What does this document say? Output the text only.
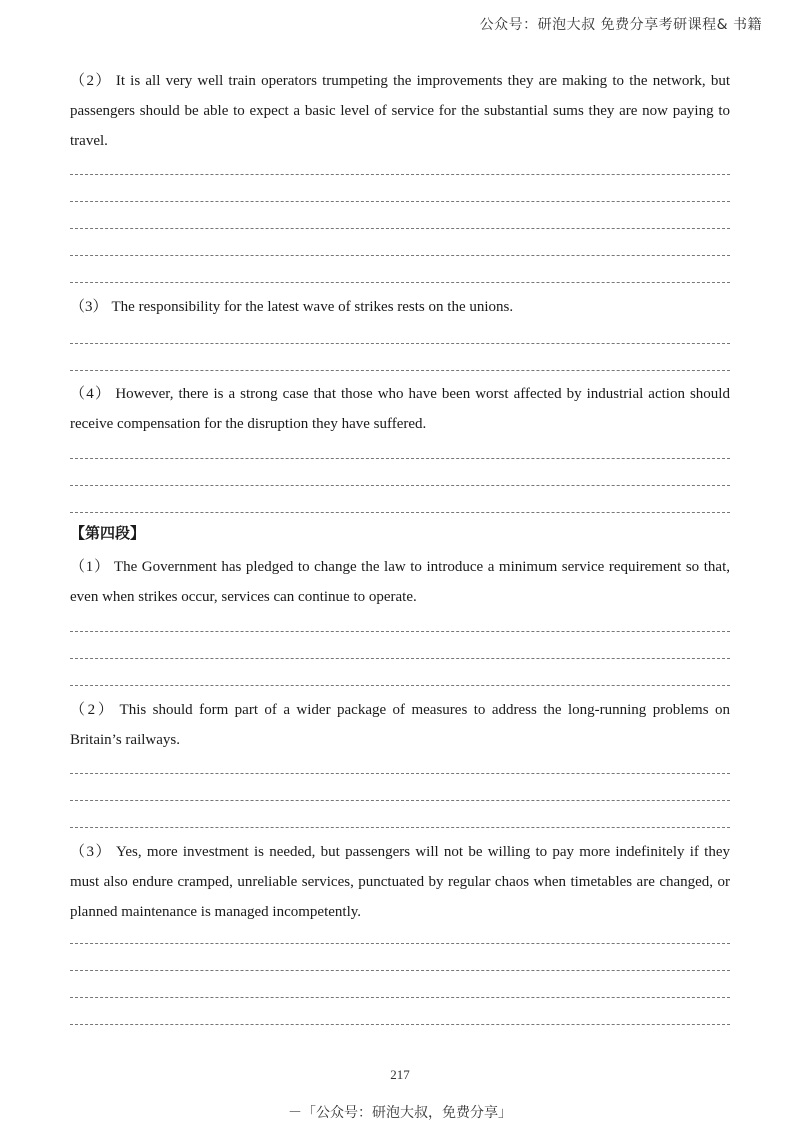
公众号：研泡大叔 免费分享考研课程& 书籍
（2） It is all very well train operators trumpeting the improvements they are making to the network, but passengers should be able to expect a basic level of service for the substantial sums they are now paying to travel.
（3） The responsibility for the latest wave of strikes rests on the unions.
（4） However, there is a strong case that those who have been worst affected by industrial action should receive compensation for the disruption they have suffered.
【第四段】
（1） The Government has pledged to change the law to introduce a minimum service requirement so that, even when strikes occur, services can continue to operate.
（2） This should form part of a wider package of measures to address the long-running problems on Britain’s railways.
（3） Yes, more investment is needed, but passengers will not be willing to pay more indefinitely if they must also endure cramped, unreliable services, punctuated by regular chaos when timetables are changed, or planned maintenance is managed incompetently.
217
－「公众号：研泡大叔，免费分享」
